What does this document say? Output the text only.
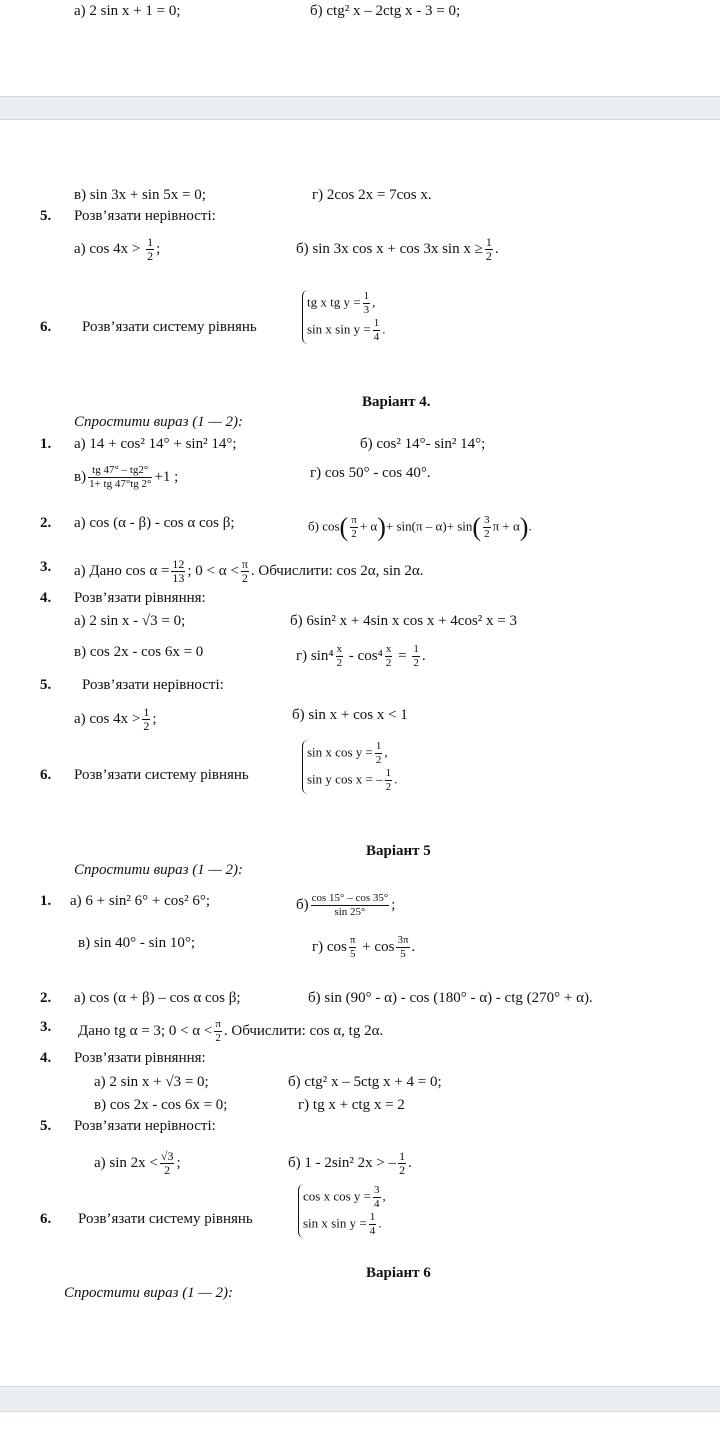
а) 2 sin x + 1 = 0;	б) ctg² x – 2ctg x - 3 = 0;
в) sin 3x + sin 5x = 0;	г) 2cos 2x = 7cos x.
5. Розв’язати нерівності:
а) $\cos 4x > \frac{1}{2}$ ;	б) sin 3x cos x + cos 3x $\sin x \ge \frac{1}{2}$ .
6. Розв’язати систему рівнянь
tg x tg $y = \frac{1}{3}$ ,
sin x $\sin y = \frac{1}{4}$ .
Варіант 4.
Спростити вираз (1 — 2):
1. а) 14 + cos² 14° + sin² 14°;	б) cos² 14°- sin² 14°;
$в) \frac{tg 47^\circ - tg2^\circ}{1+ tg 47^\circ tg 2^\circ} +1$ ;	г) cos 50° - cos 40°.
2. а) cos (α - β) - cos α cos β;	б) $\cos( \frac{\pi}{2} + \alpha)+ \sin(\pi - \alpha)+ \sin( \frac{3}{2}$ π + α).
3. а) Дано $\cos \alpha = \frac{12}{13}$ ; $0 < \alpha < \frac{\pi}{2}$ . Обчислити: cos 2α, sin 2α.
4. Розв’язати рівняння:
а) 2 sin x - √3 = 0;	б) 6sin² x + 4sin x cos x + 4cos² x = 3
в) cos 2x - cos 6x = 0	г) $\sin^4 \frac{x}{2} - \cos^4 \frac{x}{2} = \frac{1}{2}$ .
5. Розв’язати нерівності:
а) $\cos 4x > \frac{1}{2}$ ;	б) sin x + cos x < 1
6. Розв’язати систему рівнянь
sin x $\cos y = \frac{1}{2}$ ,
sin y cos x = – $\frac{1}{2}$ .
Варіант 5
Спростити вираз (1 — 2):
1. а) 6 + sin² 6° + cos² 6°;	$б) \frac{\cos 15^\circ - \cos 35^\circ}{\sin 25^\circ}$ ;
в) sin 40° - sin 10°;	г) $\cos \frac{\pi}{5} + \cos \frac{3\pi}{5}$ .
2. а) cos (α + β) – cos α cos β;	б) sin (90° - α) - cos (180° - α) - ctg (270° + α).
3. Дано tg α = 3; $0 < \alpha < \frac{\pi}{2}$ . Обчислити: cos α, tg 2α.
4. Розв’язати рівняння:
а) 2 sin x + √3 = 0;	б) ctg² x – 5ctg x + 4 = 0;
в) cos 2x - cos 6x = 0;	г) tg x + ctg x = 2
5. Розв’язати нерівності:
а) $\sin 2x < \frac{√3}{2}$ ;	б) 1 - 2sin² 2x > – $\frac{1}{2}$ .
6. Розв’язати систему рівнянь
cos x $\cos y = \frac{3}{4}$ ,
sin x $\sin y = \frac{1}{4}$ .
Варіант 6
Спростити вираз (1 — 2):
